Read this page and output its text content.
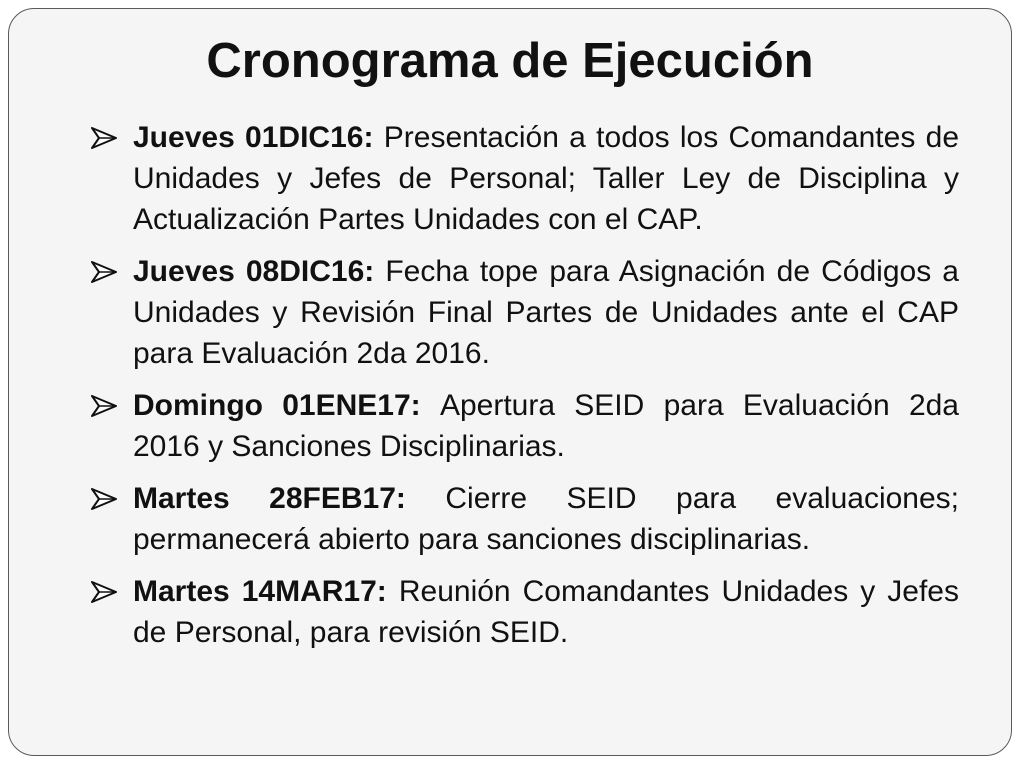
Cronograma de Ejecución
Jueves 01DIC16: Presentación a todos los Comandantes de Unidades y Jefes de Personal; Taller Ley de Disciplina y Actualización Partes Unidades con el CAP.
Jueves 08DIC16: Fecha tope para Asignación de Códigos a Unidades y Revisión Final Partes de Unidades ante el CAP para Evaluación 2da 2016.
Domingo 01ENE17: Apertura SEID para Evaluación 2da 2016 y Sanciones Disciplinarias.
Martes 28FEB17: Cierre SEID para evaluaciones; permanecerá abierto para sanciones disciplinarias.
Martes 14MAR17: Reunión Comandantes Unidades y Jefes de Personal, para revisión SEID.
